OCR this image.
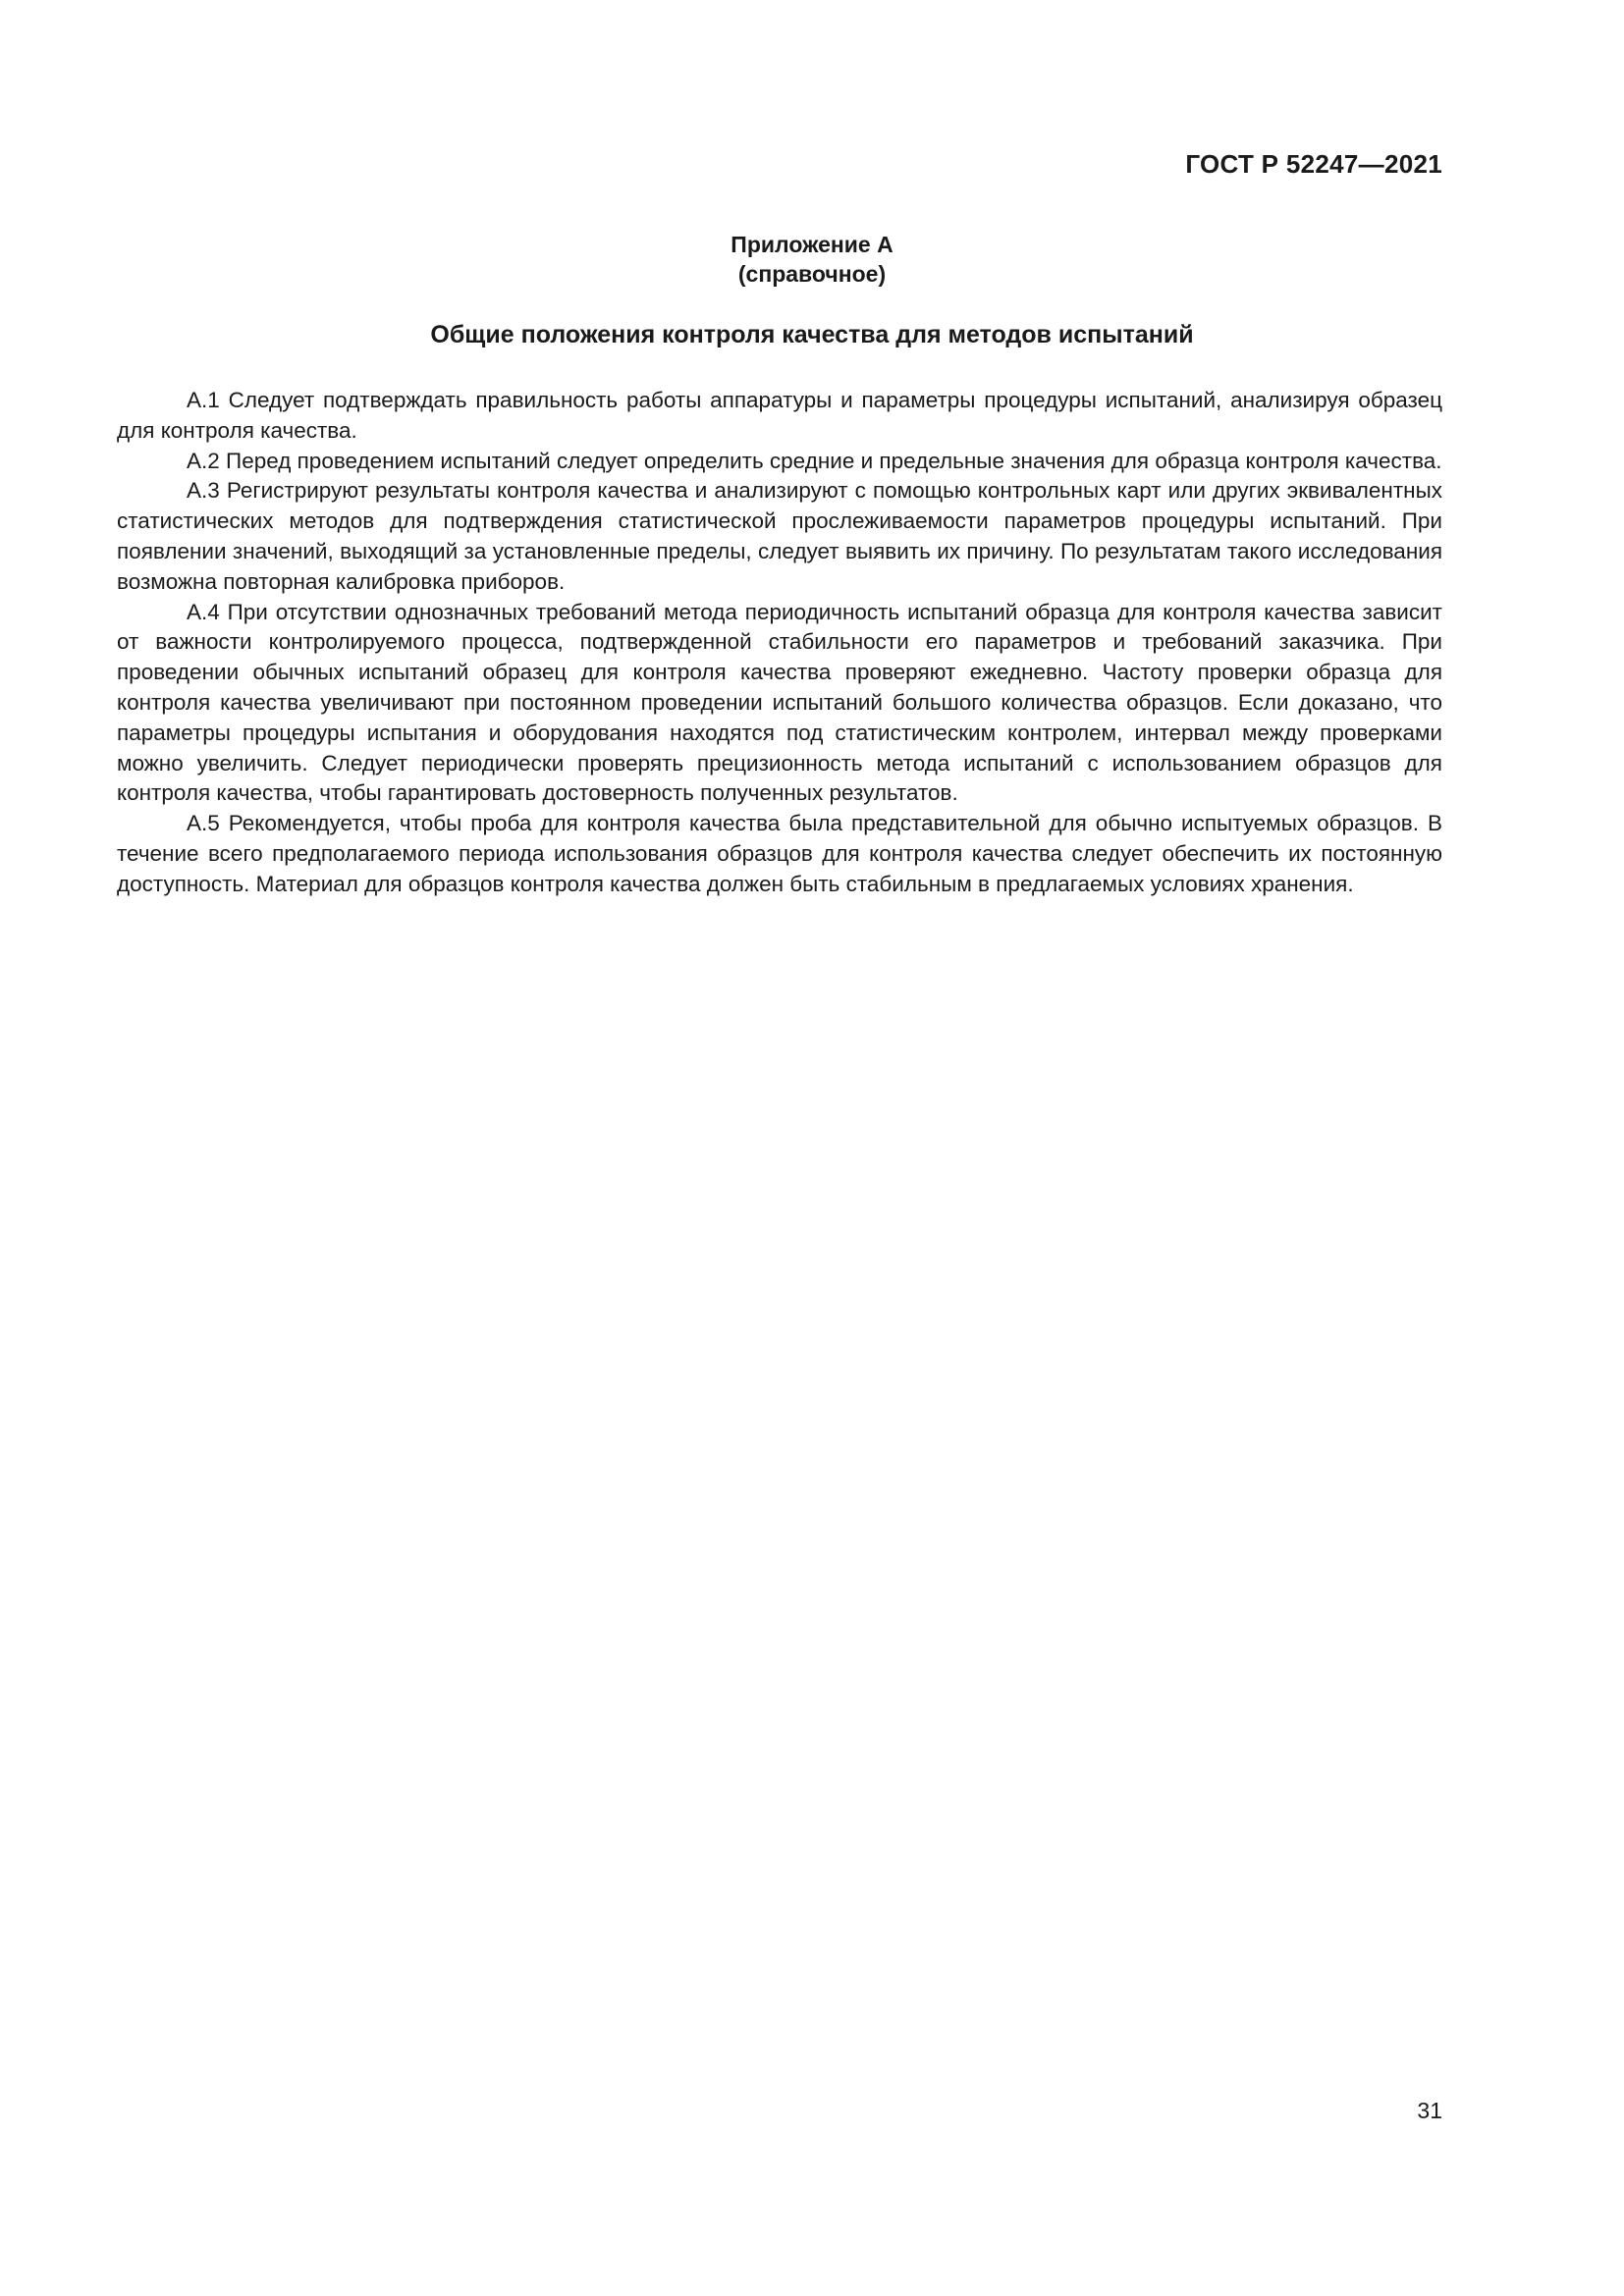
ГОСТ Р 52247—2021
Приложение А
(справочное)
Общие положения контроля качества для методов испытаний

А.1 Следует подтверждать правильность работы аппаратуры и параметры процедуры испытаний, анализируя образец для контроля качества.

А.2 Перед проведением испытаний следует определить средние и предельные значения для образца контроля качества.

А.3 Регистрируют результаты контроля качества и анализируют с помощью контрольных карт или других эквивалентных статистических методов для подтверждения статистической прослеживаемости параметров процедуры испытаний. При появлении значений, выходящий за установленные пределы, следует выявить их причину. По результатам такого исследования возможна повторная калибровка приборов.

А.4 При отсутствии однозначных требований метода периодичность испытаний образца для контроля качества зависит от важности контролируемого процесса, подтвержденной стабильности его параметров и требований заказчика. При проведении обычных испытаний образец для контроля качества проверяют ежедневно. Частоту проверки образца для контроля качества увеличивают при постоянном проведении испытаний большого количества образцов. Если доказано, что параметры процедуры испытания и оборудования находятся под статистическим контролем, интервал между проверками можно увеличить. Следует периодически проверять прецизионность метода испытаний с использованием образцов для контроля качества, чтобы гарантировать достоверность полученных результатов.

А.5 Рекомендуется, чтобы проба для контроля качества была представительной для обычно испытуемых образцов. В течение всего предполагаемого периода использования образцов для контроля качества следует обеспечить их постоянную доступность. Материал для образцов контроля качества должен быть стабильным в предлагаемых условиях хранения.

31
